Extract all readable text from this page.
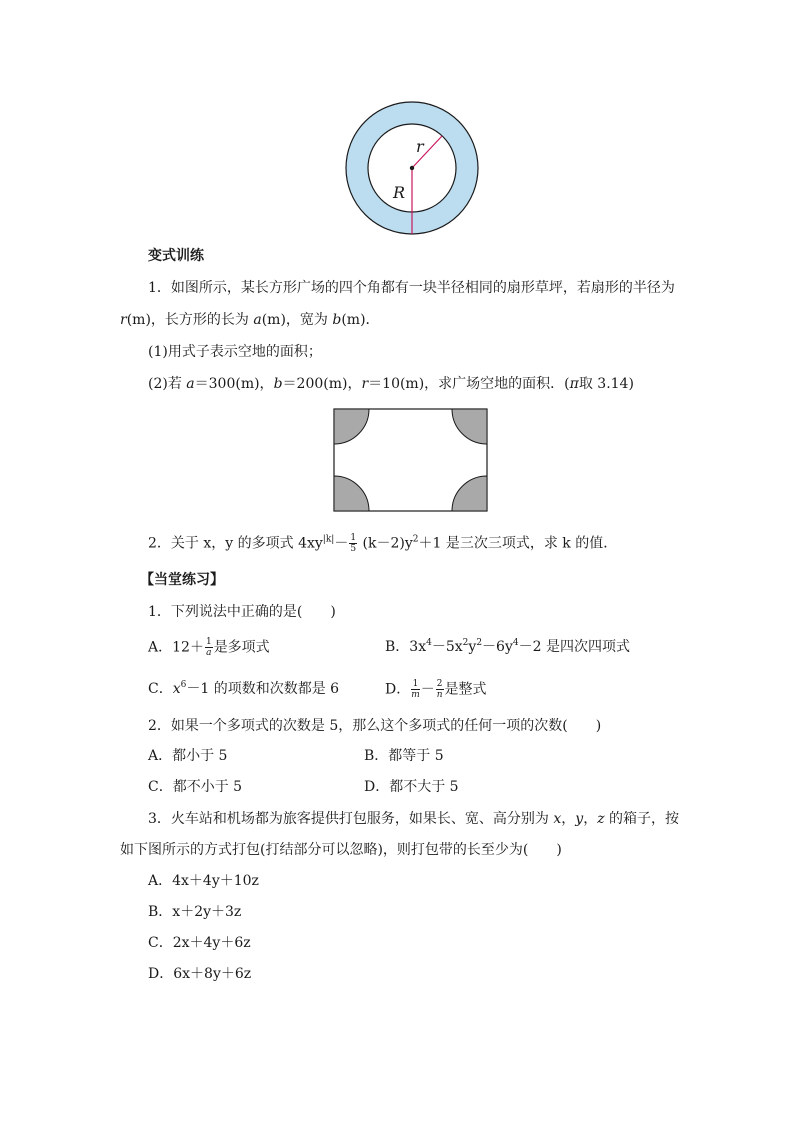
r
R
变式训练
1．如图所示，某长方形广场的四个角都有一块半径相同的扇形草坪，若扇形的半径为
r(m)，长方形的长为 a(m)，宽为 b(m)．
(1)用式子表示空地的面积；
(2)若 a＝300(m)，b＝200(m)，r＝10(m)，求广场空地的面积．(π取 3.14)
2．关于 x，y 的多项式 $4xy^{|k|}- \frac{1}{5} (k-2)y^2+1$ 是三次三项式，求 k 的值．
【当堂练习】
1．下列说法中正确的是(　　)
A．$12+ \frac{1}{a}$是多项式	B．$3x^4-5x^2y^2-6y^4-2$ 是四次四项式
C．$x^6-1$ 的项数和次数都是 6	D． $\frac{1}{m}- \frac{2}{n}$是整式
2．如果一个多项式的次数是 5，那么这个多项式的任何一项的次数(　　)
A．都小于 5	B．都等于 5
C．都不小于 5	D．都不大于 5
3．火车站和机场都为旅客提供打包服务，如果长、宽、高分别为 x，y，z 的箱子，按
如下图所示的方式打包(打结部分可以忽略)，则打包带的长至少为(　　)
A．4x＋4y＋10z
B．x＋2y＋3z
C．2x＋4y＋6z
D．6x＋8y＋6z
